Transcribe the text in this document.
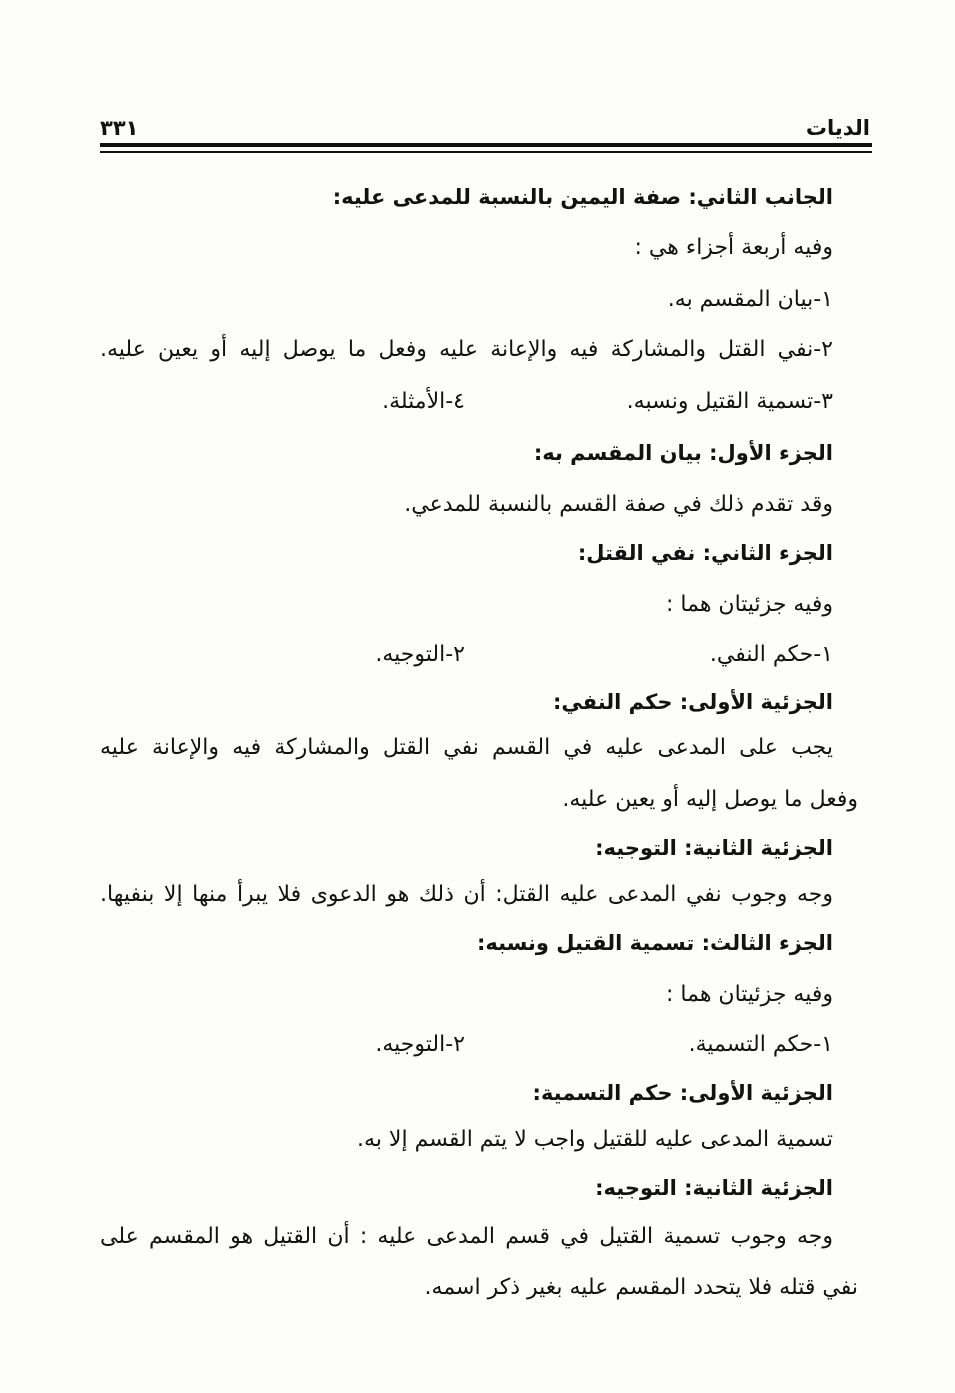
الديات
٣٣١
الجانب الثاني: صفة اليمين بالنسبة للمدعى عليه:
وفيه أربعة أجزاء هي :
١-بيان المقسم به.
٢-نفي القتل والمشاركة فيه والإعانة عليه وفعل ما يوصل إليه أو يعين عليه.
٣-تسمية القتيل ونسبه.
٤-الأمثلة.
الجزء الأول: بيان المقسم به:
وقد تقدم ذلك في صفة القسم بالنسبة للمدعي.
الجزء الثاني: نفي القتل:
وفيه جزئيتان هما :
١-حكم النفي.
٢-التوجيه.
الجزئية الأولى: حكم النفي:
يجب على المدعى عليه في القسم نفي القتل والمشاركة فيه والإعانة عليه
وفعل ما يوصل إليه أو يعين عليه.
الجزئية الثانية: التوجيه:
وجه وجوب نفي المدعى عليه القتل: أن ذلك هو الدعوى فلا يبرأ منها إلا بنفيها.
الجزء الثالث: تسمية القتيل ونسبه:
وفيه جزئيتان هما :
١-حكم التسمية.
٢-التوجيه.
الجزئية الأولى: حكم التسمية:
تسمية المدعى عليه للقتيل واجب لا يتم القسم إلا به.
الجزئية الثانية: التوجيه:
وجه وجوب تسمية القتيل في قسم المدعى عليه : أن القتيل هو المقسم على
نفي قتله فلا يتحدد المقسم عليه بغير ذكر اسمه.
